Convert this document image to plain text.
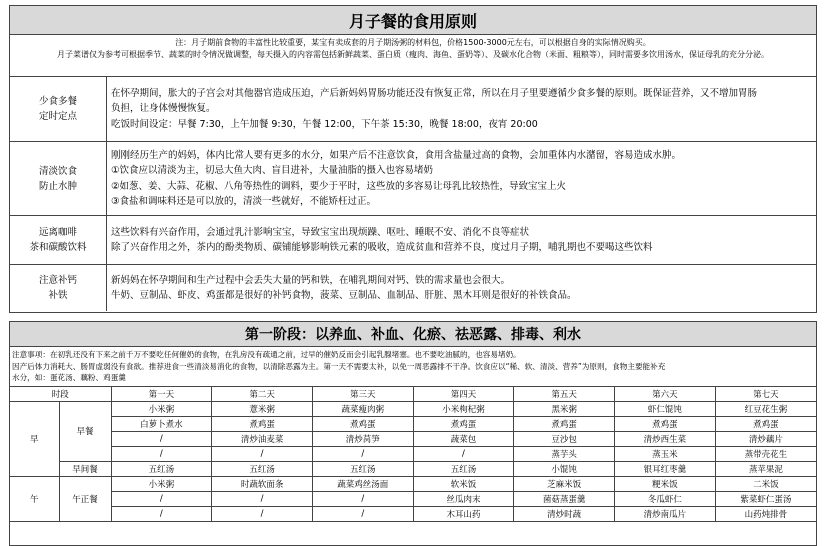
月子餐的食用原则
注：月子期前食物的丰富性比较重要，某宝有卖成套的月子期汤粥的材料包，价格1500-3000元左右，可以根据自身的实际情况购买。
月子菜谱仅为参考可根据季节、蔬菜的时令情况做调整，每天摄入的内容需包括新鲜蔬菜、蛋白质（瘦肉、海鱼、蛋奶等）、及碳水化合物（米面、粗粮等），同时需要多饮用汤水，保证母乳的充分分泌。
少食多餐
定时定点
在怀孕期间，胀大的子宫会对其他器官造成压迫，产后新妈妈胃肠功能还没有恢复正常，所以在月子里要遵循少食多餐的原则。既保证营养，又不增加胃肠
负担，让身体慢慢恢复。
吃饭时间设定：早餐 7:30，上午加餐 9:30，午餐 12:00，下午茶 15:30，晚餐 18:00，夜宵 20:00
清淡饮食
防止水肿
刚刚经历生产的妈妈，体内比常人要有更多的水分，如果产后不注意饮食，食用含盐量过高的食物，会加重体内水潴留，容易造成水肿。
①饮食应以清淡为主，切忌大鱼大肉、盲目进补，大量油脂的摄入也容易堵奶
②如葱、姜、大蒜、花椒、八角等热性的调料，要少于平时，这些放的多容易让母乳比较热性，导致宝宝上火
③食盐和调味料还是可以放的，清淡一些就好，不能矫枉过正。
远离咖啡
茶和碳酸饮料
这些饮料有兴奋作用，会通过乳汁影响宝宝，导致宝宝出现烦躁、呕吐、睡眠不安、消化不良等症状
除了兴奋作用之外，茶内的酚类物质、碳铺能够影响铁元素的吸收，造成贫血和营养不良，度过月子期，哺乳期也不要喝这些饮料
注意补钙
补铁
新妈妈在怀孕期间和生产过程中会丢失大量的钙和铁，在哺乳期间对钙、铁的需求量也会很大。
牛奶、豆制品、虾皮、鸡蛋都是很好的补钙食物，菠菜、豆制品、血制品、肝脏、黑木耳则是很好的补铁食品。
第一阶段：以养血、补血、化瘀、祛恶露、排毒、利水
注意事项：在初乳还没有下来之前千万不要吃任何催奶的食物，在乳房没有疏通之前，过早的催奶反而会引起乳腺堵塞。也不要吃油腻的，也容易堵奶。
因产后体力消耗大、肠胃虚弱没有食欲。推荐进食一些清淡易消化的食物，以清除恶露为主。第一天不需要太补，以免一周恶露排不干净。饮食应以“稀、软、清淡、营养”为原则，食物主要能补充
水分，如：蛋花汤、藕粉、鸡蛋羹
时段		第一天	第二天	第三天	第四天	第五天	第六天	第七天
早	早餐	小米粥	薏米粥	蔬菜瘦肉粥	小米枸杞粥	黑米粥	虾仁馄饨	红豆花生粥
		白萝卜煮水	煮鸡蛋	煮鸡蛋	煮鸡蛋	煮鸡蛋	煮鸡蛋	煮鸡蛋
		/	清炒油麦菜	清炒莴笋	蔬菜包	豆沙包	清炒西生菜	清炒藕片
		/	/	/	/	蒸芋头	蒸玉米	蒸带壳花生
	早间餐	五红汤	五红汤	五红汤	五红汤	小馄饨	银耳红枣羹	蒸苹果泥
午	午正餐	小米粥	时蔬软面条	蔬菜鸡丝汤面	软米饭	芝麻米饭	粳米饭	二米饭
		/	/	/	丝瓜肉末	菌菇蒸蛋羹	冬瓜虾仁	紫菜虾仁蛋汤
		/	/	/	木耳山药	清炒时蔬	清炒南瓜片	山药炖排骨
